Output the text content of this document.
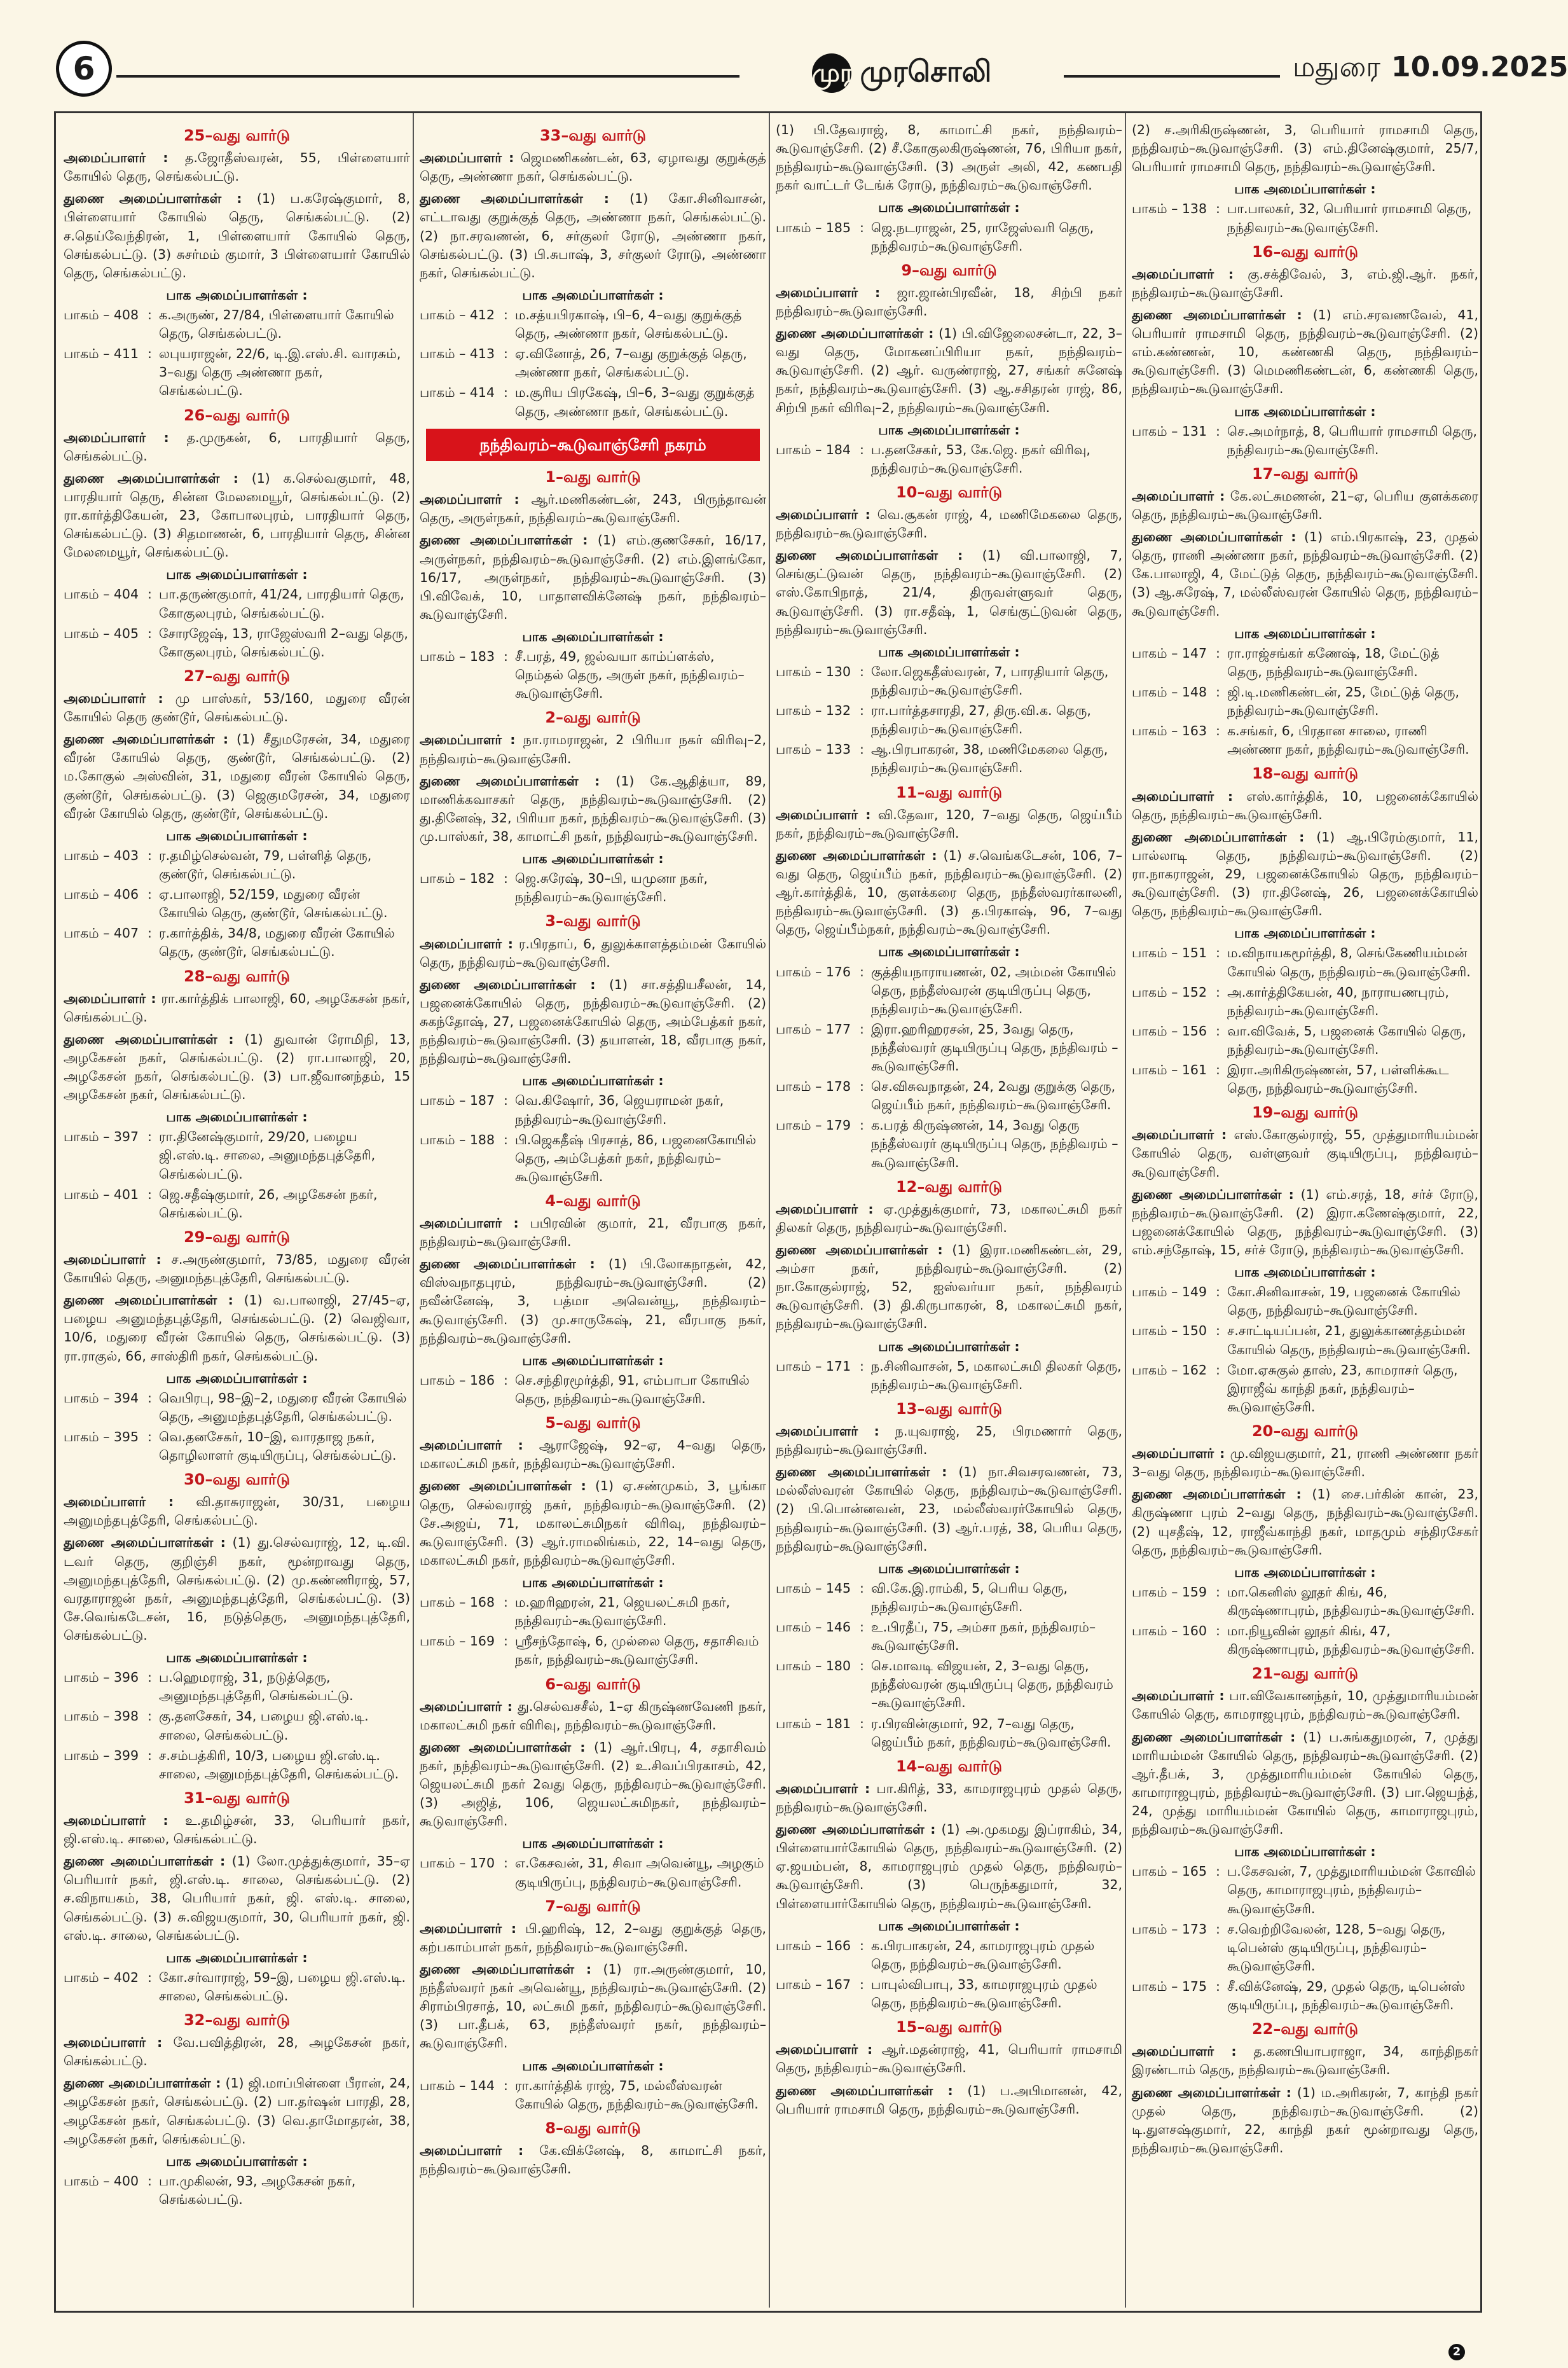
6	முர முரசொலி	மதுரை 10.09.2025
25–வது வார்டு

அமைப்பாளர் : த.ஜோதீஸ்வரன், 55, பிள்ளையார் கோயில் தெரு, செங்கல்பட்டு.

துணை அமைப்பாளர்கள் : (1) ப.கரேஷ்குமார், 8, பிள்ளையார் கோயில் தெரு, செங்கல்பட்டு. (2) ச.தெய்வேந்திரன், 1, பிள்ளையார் கோயில் தெரு, செங்கல்பட்டு. (3) சுசர்மம் குமார், 3 பிள்ளையார் கோயில் தெரு, செங்கல்பட்டு.

பாக அமைப்பாளர்கள் :
பாகம் – 408 : க.அருண், 27/84, பிள்ளையார் கோயில் தெரு, செங்கல்பட்டு.
பாகம் – 411 : லபுயராஜன், 22/6, டி.இ.எஸ்.சி. வாரசும், 3–வது தெரு அண்ணா நகர், செங்கல்பட்டு.
26–வது வார்டு

அமைப்பாளர் : த.முருகன், 6, பாரதியார் தெரு, செங்கல்பட்டு.

துணை அமைப்பாளர்கள் : (1) க.செல்வகுமார், 48, பாரதியார் தெரு, சின்ன மேலமையூர், செங்கல்பட்டு. (2) ரா.கார்த்திகேயன், 23, கோபாலபுரம், பாரதியார் தெரு, செங்கல்பட்டு. (3) சிதமாணன், 6, பாரதியார் தெரு, சின்ன மேலமையூர், செங்கல்பட்டு.

பாக அமைப்பாளர்கள் :
பாகம் – 404 : பா.தருண்குமார், 41/24, பாரதியார் தெரு, கோகுலபுரம், செங்கல்பட்டு.
பாகம் – 405 : சோரஜேஷ், 13, ராஜேஸ்வரி 2–வது தெரு, கோகுலபுரம், செங்கல்பட்டு.
27–வது வார்டு

அமைப்பாளர் : மு பாஸ்கர், 53/160, மதுரை வீரன் கோயில் தெரு குண்டூர், செங்கல்பட்டு.

துணை அமைப்பாளர்கள் : (1) சீதுமரேசன், 34, மதுரை வீரன் கோயில் தெரு, குண்டூர், செங்கல்பட்டு. (2) ம.கோகுல் அஸ்வின், 31, மதுரை வீரன் கோயில் தெரு, குண்டூர், செங்கல்பட்டு. (3) ஜெகுமரேசன், 34, மதுரை வீரன் கோயில் தெரு, குண்டூர், செங்கல்பட்டு.

பாக அமைப்பாளர்கள் :
பாகம் – 403 : ர.தமிழ்செல்வன், 79, பள்ளித் தெரு, குண்டூர், செங்கல்பட்டு.
பாகம் – 406 : ஏ.பாலாஜி, 52/159, மதுரை வீரன் கோயில் தெரு, குண்டூர், செங்கல்பட்டு.
பாகம் – 407 : ர.கார்த்திக், 34/8, மதுரை வீரன் கோயில் தெரு, குண்டூர், செங்கல்பட்டு.
28–வது வார்டு

அமைப்பாளர் : ரா.கார்த்திக் பாலாஜி, 60, அழகேசன் நகர், செங்கல்பட்டு.

துணை அமைப்பாளர்கள் : (1) துவான் ரோமிநி, 13, அழகேசன் நகர், செங்கல்பட்டு. (2) ரா.பாலாஜி, 20, அழகேசன் நகர், செங்கல்பட்டு. (3) பா.ஜீவானந்தம், 15 அழகேசன் நகர், செங்கல்பட்டு.

பாக அமைப்பாளர்கள் :
பாகம் – 397 : ரா.தினேஷ்குமார், 29/20, பழைய ஜி.எஸ்.டி. சாலை, அனுமந்தபுத்தேரி, செங்கல்பட்டு.
பாகம் – 401 : ஜெ.சதீஷ்குமார், 26, அழகேசன் நகர், செங்கல்பட்டு.
29–வது வார்டு

அமைப்பாளர் : ச.அருண்குமார், 73/85, மதுரை வீரன் கோயில் தெரு, அனுமந்தபுத்தேரி, செங்கல்பட்டு.

துணை அமைப்பாளர்கள் : (1) வ.பாலாஜி, 27/45–ஏ, பழைய அனுமந்தபுத்தேரி, செங்கல்பட்டு. (2) வெஜிவா, 10/6, மதுரை வீரன் கோயில் தெரு, செங்கல்பட்டு. (3) ரா.ராகுல், 66, சாஸ்திரி நகர், செங்கல்பட்டு.

பாக அமைப்பாளர்கள் :
பாகம் – 394 : வெபிரபு, 98–இ–2, மதுரை வீரன் கோயில் தெரு, அனுமந்தபுத்தேரி, செங்கல்பட்டு.
பாகம் – 395 : வெ.தனசேகர், 10–இ, வாரதாஜ நகர், தொழிலாளர் குடியிருப்பு, செங்கல்பட்டு.
30–வது வார்டு

அமைப்பாளர் : வி.தாசுராஜன், 30/31, பழைய அனுமந்தபுத்தேரி, செங்கல்பட்டு.

துணை அமைப்பாளர்கள் : (1) து.செல்வராஜ், 12, டி.வி. டவர் தெரு, குறிஞ்சி நகர், மூன்றாவது தெரு, அனுமந்தபுத்தேரி, செங்கல்பட்டு. (2) மு.கண்ணிராஜ், 57, வரதாராஜன் நகர், அனுமந்தபுத்தேரி, செங்கல்பட்டு. (3) சே.வெங்கடேசன், 16, நடுத்தெரு, அனுமந்தபுத்தேரி, செங்கல்பட்டு.

பாக அமைப்பாளர்கள் :
பாகம் – 396 : ப.ஹெமராஜ், 31, நடுத்தெரு, அனுமந்தபுத்தேரி, செங்கல்பட்டு.
பாகம் – 398 : கு.தனசேகர், 34, பழைய ஜி.எஸ்.டி. சாலை, செங்கல்பட்டு.
பாகம் – 399 : ச.சம்பத்கிரி, 10/3, பழைய ஜி.எஸ்.டி. சாலை, அனுமந்தபுத்தேரி, செங்கல்பட்டு.
31–வது வார்டு

அமைப்பாளர் : உ.தமிழ்சன், 33, பெரியார் நகர், ஜி.எஸ்.டி. சாலை, செங்கல்பட்டு.

துணை அமைப்பாளர்கள் : (1) லோ.முத்துக்குமார், 35–ஏ பெரியார் நகர், ஜி.எஸ்.டி. சாலை, செங்கல்பட்டு. (2) ச.விநாயகம், 38, பெரியார் நகர், ஜி. எஸ்.டி. சாலை, செங்கல்பட்டு. (3) சு.விஜயகுமார், 30, பெரியார் நகர், ஜி. எஸ்.டி. சாலை, செங்கல்பட்டு.

பாக அமைப்பாளர்கள் :
பாகம் – 402 : கோ.சர்வாராஜ், 59–இ, பழைய ஜி.எஸ்.டி. சாலை, செங்கல்பட்டு.
32–வது வார்டு

அமைப்பாளர் : வே.பவித்திரன், 28, அழகேசன் நகர், செங்கல்பட்டு.

துணை அமைப்பாளர்கள் : (1) ஜி.மாப்பிள்ளை பீரான், 24, அழகேசன் நகர், செங்கல்பட்டு. (2) பா.தர்ஷன் பாரதி, 28, அழகேசன் நகர், செங்கல்பட்டு. (3) வெ.தாமோதரன், 38, அழகேசன் நகர், செங்கல்பட்டு.

பாக அமைப்பாளர்கள் :
பாகம் – 400 : பா.முகிலன், 93, அழகேசன் நகர், செங்கல்பட்டு.
33–வது வார்டு

அமைப்பாளர் : ஜெமணிகண்டன், 63, ஏழாவது குறுக்குத் தெரு, அண்ணா நகர், செங்கல்பட்டு.

துணை அமைப்பாளர்கள் : (1) கோ.சினிவாசன், எட்டாவது குறுக்குத் தெரு, அண்ணா நகர், செங்கல்பட்டு. (2) நா.சரவணன், 6, சர்குலர் ரோடு, அண்ணா நகர், செங்கல்பட்டு. (3) பி.சுபாஷ், 3, சர்குலர் ரோடு, அண்ணா நகர், செங்கல்பட்டு.

பாக அமைப்பாளர்கள் :
பாகம் – 412 : ம.சத்யபிரகாஷ், பி–6, 4–வது குறுக்குத் தெரு, அண்ணா நகர், செங்கல்பட்டு.
பாகம் – 413 : ஏ.வினோத், 26, 7–வது குறுக்குத் தெரு, அண்ணா நகர், செங்கல்பட்டு.
பாகம் – 414 : ம.சூரிய பிரகேஷ், பி–6, 3–வது குறுக்குத் தெரு, அண்ணா நகர், செங்கல்பட்டு.
நந்திவரம்–கூடுவாஞ்சேரி நகரம்
1–வது வார்டு

அமைப்பாளர் : ஆர்.மணிகண்டன், 243, பிருந்தாவன் தெரு, அருள்நகர், நந்திவரம்–கூடுவாஞ்சேரி.

துணை அமைப்பாளர்கள் : (1) எம்.குணசேகர், 16/17, அருள்நகர், நந்திவரம்–கூடுவாஞ்சேரி. (2) எம்.இளங்கோ, 16/17, அருள்நகர், நந்திவரம்–கூடுவாஞ்சேரி. (3) பி.விவேக், 10, பாதாளவிக்னேஷ் நகர், நந்திவரம்–கூடுவாஞ்சேரி.

பாக அமைப்பாளர்கள் :
பாகம் – 183 : சீ.பரத், 49, ஜல்வயா காம்ப்ளக்ஸ், நெம்தல் தெரு, அருள் நகர், நந்திவரம்–கூடுவாஞ்சேரி.
2–வது வார்டு

அமைப்பாளர் : நா.ராமராஜன், 2 பிரியா நகர் விரிவு–2, நந்திவரம்–கூடுவாஞ்சேரி.

துணை அமைப்பாளர்கள் : (1) கே.ஆதித்யா, 89, மாணிக்கவாசகர் தெரு, நந்திவரம்–கூடுவாஞ்சேரி. (2) து.தினேஷ், 32, பிரியா நகர், நந்திவரம்–கூடுவாஞ்சேரி. (3) மு.பாஸ்கர், 38, காமாட்சி நகர், நந்திவரம்–கூடுவாஞ்சேரி.

பாக அமைப்பாளர்கள் :
பாகம் – 182 : ஜெ.சுரேஷ், 30–பி, யமுனா நகர், நந்திவரம்–கூடுவாஞ்சேரி.
3–வது வார்டு

அமைப்பாளர் : ர.பிரதாப், 6, துலுக்காளத்தம்மன் கோயில் தெரு, நந்திவரம்–கூடுவாஞ்சேரி.

துணை அமைப்பாளர்கள் : (1) சா.சத்தியசீலன், 14, பஜனைக்கோயில் தெரு, நந்திவரம்–கூடுவாஞ்சேரி. (2) சுகந்தோஷ், 27, பஜனைக்கோயில் தெரு, அம்பேத்கர் நகர், நந்திவரம்–கூடுவாஞ்சேரி. (3) தயாளன், 18, வீரபாகு நகர், நந்திவரம்–கூடுவாஞ்சேரி.

பாக அமைப்பாளர்கள் :
பாகம் – 187 : வெ.கிஷோர், 36, ஜெயராமன் நகர், நந்திவரம்–கூடுவாஞ்சேரி.
பாகம் – 188 : பி.ஜெகதீஷ் பிரசாத், 86, பஜனைகோயில் தெரு, அம்பேத்கர் நகர், நந்திவரம்–கூடுவாஞ்சேரி.
4–வது வார்டு

அமைப்பாளர் : பபிரவின் குமார், 21, வீரபாகு நகர், நந்திவரம்–கூடுவாஞ்சேரி.

துணை அமைப்பாளர்கள் : (1) பி.லோகநாதன், 42, விஸ்வநாதபுரம், நந்திவரம்–கூடுவாஞ்சேரி. (2) நவீன்னேஷ், 3, பத்மா அவென்யூ, நந்திவரம்–கூடுவாஞ்சேரி. (3) மு.சாருகேஷ், 21, வீரபாகு நகர், நந்திவரம்–கூடுவாஞ்சேரி.

பாக அமைப்பாளர்கள் :
பாகம் – 186 : செ.சந்திரமூர்த்தி, 91, எம்பாபா கோயில் தெரு, நந்திவரம்–கூடுவாஞ்சேரி.
5–வது வார்டு

அமைப்பாளர் : ஆராஜேஷ், 92–ஏ, 4–வது தெரு, மகாலட்சுமி நகர், நந்திவரம்–கூடுவாஞ்சேரி.

துணை அமைப்பாளர்கள் : (1) ஏ.சண்முகம், 3, பூங்கா தெரு, செல்வராஜ் நகர், நந்திவரம்–கூடுவாஞ்சேரி. (2) சே.அஜய், 71, மகாலட்சுமிநகர் விரிவு, நந்திவரம்–கூடுவாஞ்சேரி. (3) ஆர்.ராமலிங்கம், 22, 14–வது தெரு, மகாலட்சுமி நகர், நந்திவரம்–கூடுவாஞ்சேரி.

பாக அமைப்பாளர்கள் :
பாகம் – 168 : ம.ஹரிஹரன், 21, ஜெயலட்சுமி நகர், நந்திவரம்–கூடுவாஞ்சேரி.
பாகம் – 169 : ஸ்ரீசந்தோஷ், 6, முல்லை தெரு, சதாசிவம் நகர், நந்திவரம்–கூடுவாஞ்சேரி.
6–வது வார்டு

அமைப்பாளர் : து.செல்வசசீல், 1–ஏ கிருஷ்ணவேணி நகர், மகாலட்சுமி நகர் விரிவு, நந்திவரம்–கூடுவாஞ்சேரி.

துணை அமைப்பாளர்கள் : (1) ஆர்.பிரபு, 4, சதாசிவம் நகர், நந்திவரம்–கூடுவாஞ்சேரி. (2) உ.சிவப்பிரகாசம், 42, ஜெயலட்சுமி நகர் 2வது தெரு, நந்திவரம்–கூடுவாஞ்சேரி. (3) அஜித், 106, ஜெயலட்சுமிநகர், நந்திவரம்–கூடுவாஞ்சேரி.

பாக அமைப்பாளர்கள் :
பாகம் – 170 : எ.கேசவன், 31, சிவா அவென்யூ, அழகும் குடியிருப்பு, நந்திவரம்–கூடுவாஞ்சேரி.
7–வது வார்டு

அமைப்பாளர் : பி.ஹரிஷ், 12, 2–வது குறுக்குத் தெரு, கற்பகாம்பாள் நகர், நந்திவரம்–கூடுவாஞ்சேரி.

துணை அமைப்பாளர்கள் : (1) ரா.அருண்குமார், 10, நந்தீஸ்வரர் நகர் அவென்யூ, நந்திவரம்–கூடுவாஞ்சேரி. (2) சிராம்பிரசாத், 10, லட்சுமி நகர், நந்திவரம்–கூடுவாஞ்சேரி. (3) பா.தீபக், 63, நந்தீஸ்வரர் நகர், நந்திவரம்–கூடுவாஞ்சேரி.

பாக அமைப்பாளர்கள் :
பாகம் – 144 : ரா.கார்த்திக் ராஜ், 75, மல்லீஸ்வரன் கோயில் தெரு, நந்திவரம்–கூடுவாஞ்சேரி.
8–வது வார்டு

அமைப்பாளர் : கே.விக்னேஷ், 8, காமாட்சி நகர், நந்திவரம்–கூடுவாஞ்சேரி.

(1) பி.தேவராஜ், 8, காமாட்சி நகர், நந்திவரம்–கூடுவாஞ்சேரி. (2) சீ.கோகுலகிருஷ்ணன், 76, பிரியா நகர், நந்திவரம்–கூடுவாஞ்சேரி. (3) அருள் அலி, 42, கணபதி நகர் வாட்டர் டேங்க் ரோடு, நந்திவரம்–கூடுவாஞ்சேரி.

பாக அமைப்பாளர்கள் :
பாகம் – 185 : ஜெ.நடராஜன், 25, ராஜேஸ்வரி தெரு, நந்திவரம்–கூடுவாஞ்சேரி.
9–வது வார்டு

அமைப்பாளர் : ஜா.ஜான்பிரவீன், 18, சிற்பி நகர் நந்திவரம்–கூடுவாஞ்சேரி.

துணை அமைப்பாளர்கள் : (1) பி.விஜேலைசன்டா, 22, 3–வது தெரு, மோகனப்பிரியா நகர், நந்திவரம்–கூடுவாஞ்சேரி. (2) ஆர். வருண்ராஜ், 27, சங்கர் சுனேஷ் நகர், நந்திவரம்–கூடுவாஞ்சேரி. (3) ஆ.சசிதரன் ராஜ், 86, சிற்பி நகர் விரிவு–2, நந்திவரம்–கூடுவாஞ்சேரி.

பாக அமைப்பாளர்கள் :
பாகம் – 184 : ப.தனசேகர், 53, கே.ஜெ. நகர் விரிவு, நந்திவரம்–கூடுவாஞ்சேரி.
10–வது வார்டு

அமைப்பாளர் : வெ.சூகன் ராஜ், 4, மணிமேகலை தெரு, நந்திவரம்–கூடுவாஞ்சேரி.

துணை அமைப்பாளர்கள் : (1) வி.பாலாஜி, 7, செங்குட்டுவன் தெரு, நந்திவரம்–கூடுவாஞ்சேரி. (2) எஸ்.கோபிநாத், 21/4, திருவள்ளுவர் தெரு, கூடுவாஞ்சேரி. (3) ரா.சதீஷ், 1, செங்குட்டுவன் தெரு, நந்திவரம்–கூடுவாஞ்சேரி.

பாக அமைப்பாளர்கள் :
பாகம் – 130 : லோ.ஜெகதீஸ்வரன், 7, பாரதியார் தெரு, நந்திவரம்–கூடுவாஞ்சேரி.
பாகம் – 132 : ரா.பார்த்தசாரதி, 27, திரு.வி.க. தெரு, நந்திவரம்–கூடுவாஞ்சேரி.
பாகம் – 133 : ஆ.பிரபாகரன், 38, மணிமேகலை தெரு, நந்திவரம்–கூடுவாஞ்சேரி.
11–வது வார்டு

அமைப்பாளர் : வி.தேவா, 120, 7–வது தெரு, ஜெய்பீம் நகர், நந்திவரம்–கூடுவாஞ்சேரி.

துணை அமைப்பாளர்கள் : (1) ச.வெங்கடேசன், 106, 7–வது தெரு, ஜெய்பீம் நகர், நந்திவரம்–கூடுவாஞ்சேரி. (2) ஆர்.கார்த்திக், 10, குளக்கரை தெரு, நந்தீஸ்வரர்காலனி, நந்திவரம்–கூடுவாஞ்சேரி. (3) த.பிரகாஷ், 96, 7–வது தெரு, ஜெய்பீம்நகர், நந்திவரம்–கூடுவாஞ்சேரி.

பாக அமைப்பாளர்கள் :
பாகம் – 176 : குத்தியநாராயணன், 02, அம்மன் கோயில் தெரு, நந்தீஸ்வரன் குடியிருப்பு தெரு, நந்திவரம்–கூடுவாஞ்சேரி.
பாகம் – 177 : இரா.ஹரிஹரசன், 25, 3வது தெரு, நந்தீஸ்வரர் குடியிருப்பு தெரு, நந்திவரம் –கூடுவாஞ்சேரி.
பாகம் – 178 : செ.விசுவநாதன், 24, 2வது குறுக்கு தெரு, ஜெய்பீம் நகர், நந்திவரம்–கூடுவாஞ்சேரி.
பாகம் – 179 : க.பரத் கிருஷ்ணன், 14, 3வது தெரு நந்தீஸ்வரர் குடியிருப்பு தெரு, நந்திவரம் –கூடுவாஞ்சேரி.
12–வது வார்டு

அமைப்பாளர் : ஏ.முத்துக்குமார், 73, மகாலட்சுமி நகர் திலகர் தெரு, நந்திவரம்–கூடுவாஞ்சேரி.

துணை அமைப்பாளர்கள் : (1) இரா.மணிகண்டன், 29, அம்சா நகர், நந்திவரம்–கூடுவாஞ்சேரி. (2) நா.கோகுல்ராஜ், 52, ஐஸ்வர்யா நகர், நந்திவரம் கூடுவாஞ்சேரி. (3) தி.கிருபாகரன், 8, மகாலட்சுமி நகர், நந்திவரம்–கூடுவாஞ்சேரி.

பாக அமைப்பாளர்கள் :
பாகம் – 171 : ந.சினிவாசன், 5, மகாலட்சுமி திலகர் தெரு, நந்திவரம்–கூடுவாஞ்சேரி.
13–வது வார்டு

அமைப்பாளர் : ந.யுவராஜ், 25, பிரமணார் தெரு, நந்திவரம்–கூடுவாஞ்சேரி.

துணை அமைப்பாளர்கள் : (1) நா.சிவசரவணன், 73, மல்லீஸ்வரன் கோயில் தெரு, நந்திவரம்–கூடுவாஞ்சேரி. (2) பி.பொன்னவன், 23, மல்லீஸ்வரர்கோயில் தெரு, நந்திவரம்–கூடுவாஞ்சேரி. (3) ஆர்.பரத், 38, பெரிய தெரு, நந்திவரம்–கூடுவாஞ்சேரி.

பாக அமைப்பாளர்கள் :
பாகம் – 145 : வி.கே.இ.ராம்கி, 5, பெரிய தெரு, நந்திவரம்–கூடுவாஞ்சேரி.
பாகம் – 146 : உ.பிரதீப், 75, அம்சா நகர், நந்திவரம்–கூடுவாஞ்சேரி.
பாகம் – 180 : செ.மாவடி விஜயன், 2, 3–வது தெரு, நந்தீஸ்வரன் குடியிருப்பு தெரு, நந்திவரம் –கூடுவாஞ்சேரி.
பாகம் – 181 : ர.பிரவின்குமார், 92, 7–வது தெரு, ஜெய்பீம் நகர், நந்திவரம்–கூடுவாஞ்சேரி.
14–வது வார்டு

அமைப்பாளர் : பா.கிரித், 33, காமராஜபுரம் முதல் தெரு, நந்திவரம்–கூடுவாஞ்சேரி.

துணை அமைப்பாளர்கள் : (1) அ.முகமது இப்ராகிம், 34, பிள்ளையார்கோயில் தெரு, நந்திவரம்–கூடுவாஞ்சேரி. (2) ஏ.ஜயம்பன், 8, காமராஜபுரம் முதல் தெரு, நந்திவரம்–கூடுவாஞ்சேரி. (3) பெருந்கதுமார், 32, பிள்ளையார்கோயில் தெரு, நந்திவரம்–கூடுவாஞ்சேரி.

பாக அமைப்பாளர்கள் :
பாகம் – 166 : க.பிரபாகரன், 24, காமராஜபுரம் முதல் தெரு, நந்திவரம்–கூடுவாஞ்சேரி.
பாகம் – 167 : பாபுல்விபாபு, 33, காமராஜபுரம் முதல் தெரு, நந்திவரம்–கூடுவாஞ்சேரி.
15–வது வார்டு

அமைப்பாளர் : ஆர்.மதன்ராஜ், 41, பெரியார் ராமசாமி தெரு, நந்திவரம்–கூடுவாஞ்சேரி.

துணை அமைப்பாளர்கள் : (1) ப.அபிமானன், 42, பெரியார் ராமசாமி தெரு, நந்திவரம்–கூடுவாஞ்சேரி.

(2) ச.அரிகிருஷ்ணன், 3, பெரியார் ராமசாமி தெரு, நந்திவரம்–கூடுவாஞ்சேரி. (3) எம்.தினேஷ்குமார், 25/7, பெரியார் ராமசாமி தெரு, நந்திவரம்–கூடுவாஞ்சேரி.

பாக அமைப்பாளர்கள் :
பாகம் – 138 : பா.பாலகர், 32, பெரியார் ராமசாமி தெரு, நந்திவரம்–கூடுவாஞ்சேரி.
16–வது வார்டு

அமைப்பாளர் : கு.சக்திவேல், 3, எம்.ஜி.ஆர். நகர், நந்திவரம்–கூடுவாஞ்சேரி.

துணை அமைப்பாளர்கள் : (1) எம்.சரவணவேல், 41, பெரியார் ராமசாமி தெரு, நந்திவரம்–கூடுவாஞ்சேரி. (2) எம்.கண்ணன், 10, கண்ணகி தெரு, நந்திவரம்–கூடுவாஞ்சேரி. (3) மெமணிகண்டன், 6, கண்ணகி தெரு, நந்திவரம்–கூடுவாஞ்சேரி.

பாக அமைப்பாளர்கள் :
பாகம் – 131 : செ.அமர்நாத், 8, பெரியார் ராமசாமி தெரு, நந்திவரம்–கூடுவாஞ்சேரி.
17–வது வார்டு

அமைப்பாளர் : கே.லட்சுமணன், 21–ஏ, பெரிய குளக்கரை தெரு, நந்திவரம்–கூடுவாஞ்சேரி.

துணை அமைப்பாளர்கள் : (1) எம்.பிரகாஷ், 23, முதல் தெரு, ராணி அண்ணா நகர், நந்திவரம்–கூடுவாஞ்சேரி. (2) கே.பாலாஜி, 4, மேட்டுத் தெரு, நந்திவரம்–கூடுவாஞ்சேரி. (3) ஆ.சுரேஷ், 7, மல்லீஸ்வரன் கோயில் தெரு, நந்திவரம்–கூடுவாஞ்சேரி.

பாக அமைப்பாளர்கள் :
பாகம் – 147 : ரா.ராஜ்சங்கர் கணேஷ், 18, மேட்டுத் தெரு, நந்திவரம்–கூடுவாஞ்சேரி.
பாகம் – 148 : ஜி.டி.மணிகண்டன், 25, மேட்டுத் தெரு, நந்திவரம்–கூடுவாஞ்சேரி.
பாகம் – 163 : க.சங்கர், 6, பிரதான சாலை, ராணி அண்ணா நகர், நந்திவரம்–கூடுவாஞ்சேரி.
18–வது வார்டு

அமைப்பாளர் : எஸ்.கார்த்திக், 10, பஜனைக்கோயில் தெரு, நந்திவரம்–கூடுவாஞ்சேரி.

துணை அமைப்பாளர்கள் : (1) ஆ.பிரேம்குமார், 11, பால்லாடி தெரு, நந்திவரம்–கூடுவாஞ்சேரி. (2) ரா.நாகராஜன், 29, பஜனைக்கோயில் தெரு, நந்திவரம்–கூடுவாஞ்சேரி. (3) ரா.தினேஷ், 26, பஜனைக்கோயில் தெரு, நந்திவரம்–கூடுவாஞ்சேரி.

பாக அமைப்பாளர்கள் :
பாகம் – 151 : ம.விநாயகமூர்த்தி, 8, செங்கேணியம்மன் கோயில் தெரு, நந்திவரம்–கூடுவாஞ்சேரி.
பாகம் – 152 : அ.கார்த்திகேயன், 40, நாராயணபுரம், நந்திவரம்–கூடுவாஞ்சேரி.
பாகம் – 156 : வா.விவேக், 5, பஜனைக் கோயில் தெரு, நந்திவரம்–கூடுவாஞ்சேரி.
பாகம் – 161 : இரா.அரிகிருஷ்ணன், 57, பள்ளிக்கூட தெரு, நந்திவரம்–கூடுவாஞ்சேரி.
19–வது வார்டு

அமைப்பாளர் : எஸ்.கோகுல்ராஜ், 55, முத்துமாரியம்மன் கோயில் தெரு, வள்ளுவர் குடியிருப்பு, நந்திவரம்–கூடுவாஞ்சேரி.

துணை அமைப்பாளர்கள் : (1) எம்.சரத், 18, சர்ச் ரோடு, நந்திவரம்–கூடுவாஞ்சேரி. (2) இரா.கணேஷ்குமார், 22, பஜனைக்கோயில் தெரு, நந்திவரம்–கூடுவாஞ்சேரி. (3) எம்.சந்தோஷ், 15, சர்ச் ரோடு, நந்திவரம்–கூடுவாஞ்சேரி.

பாக அமைப்பாளர்கள் :
பாகம் – 149 : கோ.சினிவாசன், 19, பஜனைக் கோயில் தெரு, நந்திவரம்–கூடுவாஞ்சேரி.
பாகம் – 150 : ச.சாட்டியப்பன், 21, துலுக்காணத்தம்மன் கோயில் தெரு, நந்திவரம்–கூடுவாஞ்சேரி.
பாகம் – 162 : மோ.ஏசுகுல் தாஸ், 23, காமராசர் தெரு, இராஜீவ் காந்தி நகர், நந்திவரம்–கூடுவாஞ்சேரி.
20–வது வார்டு

அமைப்பாளர் : மு.விஜயகுமார், 21, ராணி அண்ணா நகர் 3–வது தெரு, நந்திவரம்–கூடுவாஞ்சேரி.

துணை அமைப்பாளர்கள் : (1) சை.பர்கின் கான், 23, கிருஷ்ணா புரம் 2–வது தெரு, நந்திவரம்–கூடுவாஞ்சேரி. (2) யுசதீஷ், 12, ராஜீவ்காந்தி நகர், மாதமும் சந்திரசேகர் தெரு, நந்திவரம்–கூடுவாஞ்சேரி.

பாக அமைப்பாளர்கள் :
பாகம் – 159 : மா.கெனிஸ் லூதர் கிங், 46, கிருஷ்ணாபுரம், நந்திவரம்–கூடுவாஞ்சேரி.
பாகம் – 160 : மா.நியூவின் லூதர் கிங், 47, கிருஷ்ணாபுரம், நந்திவரம்–கூடுவாஞ்சேரி.
21–வது வார்டு

அமைப்பாளர் : பா.விவேகானந்தர், 10, முத்துமாரியம்மன் கோயில் தெரு, காமராஜபுரம், நந்திவரம்–கூடுவாஞ்சேரி.

துணை அமைப்பாளர்கள் : (1) ப.சுங்கதுமரன், 7, முத்து மாரியம்மன் கோயில் தெரு, நந்திவரம்–கூடுவாஞ்சேரி. (2) ஆர்.தீபக், 3, முத்துமாரியம்மன் கோயில் தெரு, காமாராஜபுரம், நந்திவரம்–கூடுவாஞ்சேரி. (3) பா.ஜெயந்த், 24, முத்து மாரியம்மன் கோயில் தெரு, காமாராஜபுரம், நந்திவரம்–கூடுவாஞ்சேரி.

பாக அமைப்பாளர்கள் :
பாகம் – 165 : ப.கேசவன், 7, முத்துமாரியம்மன் கோவில் தெரு, காமாராஜபுரம், நந்திவரம்–கூடுவாஞ்சேரி.
பாகம் – 173 : ச.வெற்றிவேலன், 128, 5–வது தெரு, டிபென்ஸ் குடியிருப்பு, நந்திவரம்–கூடுவாஞ்சேரி.
பாகம் – 175 : சீ.விக்னேஷ், 29, முதல் தெரு, டிபென்ஸ் குடியிருப்பு, நந்திவரம்–கூடுவாஞ்சேரி.
22–வது வார்டு

அமைப்பாளர் : த.கணபியாபராஜா, 34, காந்திநகர் இரண்டாம் தெரு, நந்திவரம்–கூடுவாஞ்சேரி.

துணை அமைப்பாளர்கள் : (1) ம.அரிகரன், 7, காந்தி நகர் முதல் தெரு, நந்திவரம்–கூடுவாஞ்சேரி. (2) டி.துளசஷ்குமார், 22, காந்தி நகர் மூன்றாவது தெரு, நந்திவரம்–கூடுவாஞ்சேரி.

2
